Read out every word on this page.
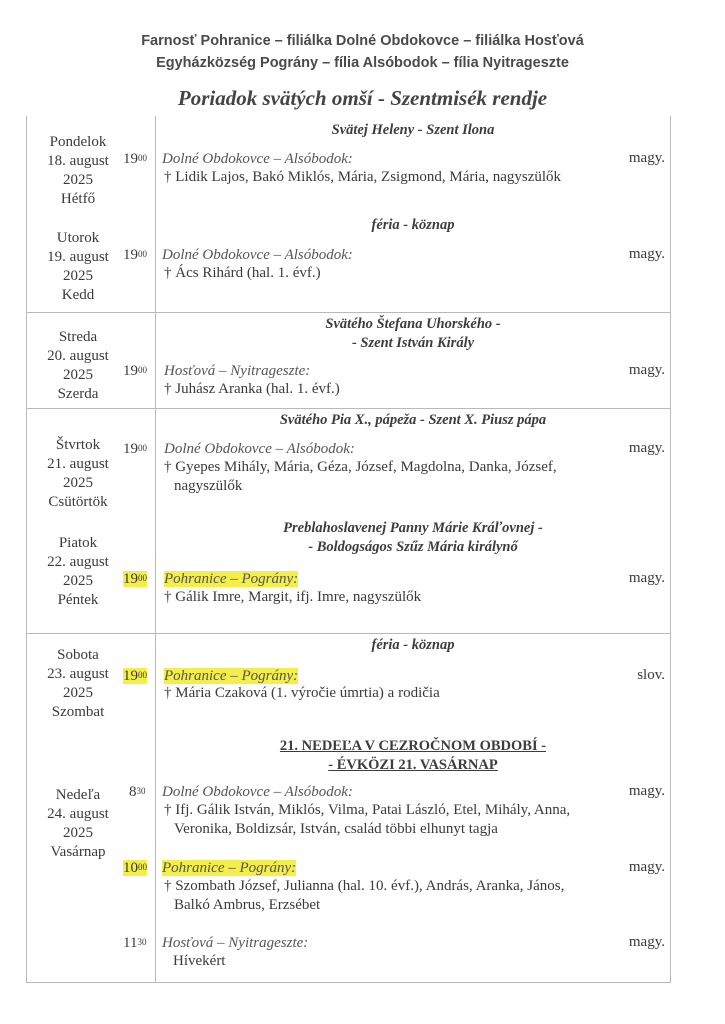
Farnosť Pohranice – filiálka Dolné Obdokovce – filiálka Hosťová
Egyházközség Pográny – fília Alsóbodok – fília Nyitrageszte
Poriadok svätých omší - Szentmisék rendje
Pondelok
18. august
2025
Hétfő
Svätej Heleny - Szent Ilona
$19^{00}$ Dolné Obdokovce – Alsóbodok:
† Lidik Lajos, Bakó Miklós, Mária, Zsigmond, Mária, nagyszülők
magy.
Utorok
19. august
2025
Kedd
féria - köznap
$19^{00}$ Dolné Obdokovce – Alsóbodok:
† Ács Rihárd (hal. 1. évf.)
magy.
Streda
20. august
2025
Szerda
Svätého Štefana Uhorského -
- Szent István Király
$19^{00}$ Hosťová – Nyitrageszte:
† Juhász Aranka (hal. 1. évf.)
magy.
Štvrtok
21. august
2025
Csütörtök
Svätého Pia X., pápeža - Szent X. Piusz pápa
$19^{00}$ Dolné Obdokovce – Alsóbodok:
† Gyepes Mihály, Mária, Géza, József, Magdolna, Danka, József,
nagyszülők
magy.
Piatok
22. august
2025
Péntek
Preblahoslavenej Panny Márie Kráľovnej -
- Boldogságos Szűz Mária királynő
$19^{00}$ Pohranice – Pográny:
† Gálik Imre, Margit, ifj. Imre, nagyszülők
magy.
Sobota
23. august
2025
Szombat
féria - köznap
$19^{00}$ Pohranice – Pográny:
† Mária Czaková (1. výročie úmrtia) a rodičia
slov.
Nedeľa
24. august
2025
Vasárnap
21. NEDEĽA V CEZROČNOM OBDOBÍ -
- ÉVKÖZI 21. VASÁRNAP
$8^{30}$ Dolné Obdokovce – Alsóbodok:
† Ifj. Gálik István, Miklós, Vilma, Patai László, Etel, Mihály, Anna,
Veronika, Boldizsár, István, család többi elhunyt tagja
magy.
$10^{00}$ Pohranice – Pográny:
† Szombath József, Julianna (hal. 10. évf.), András, Aranka, János,
Balkó Ambrus, Erzsébet
magy.
$11^{30}$ Hosťová – Nyitrageszte:
Hívekért
magy.
